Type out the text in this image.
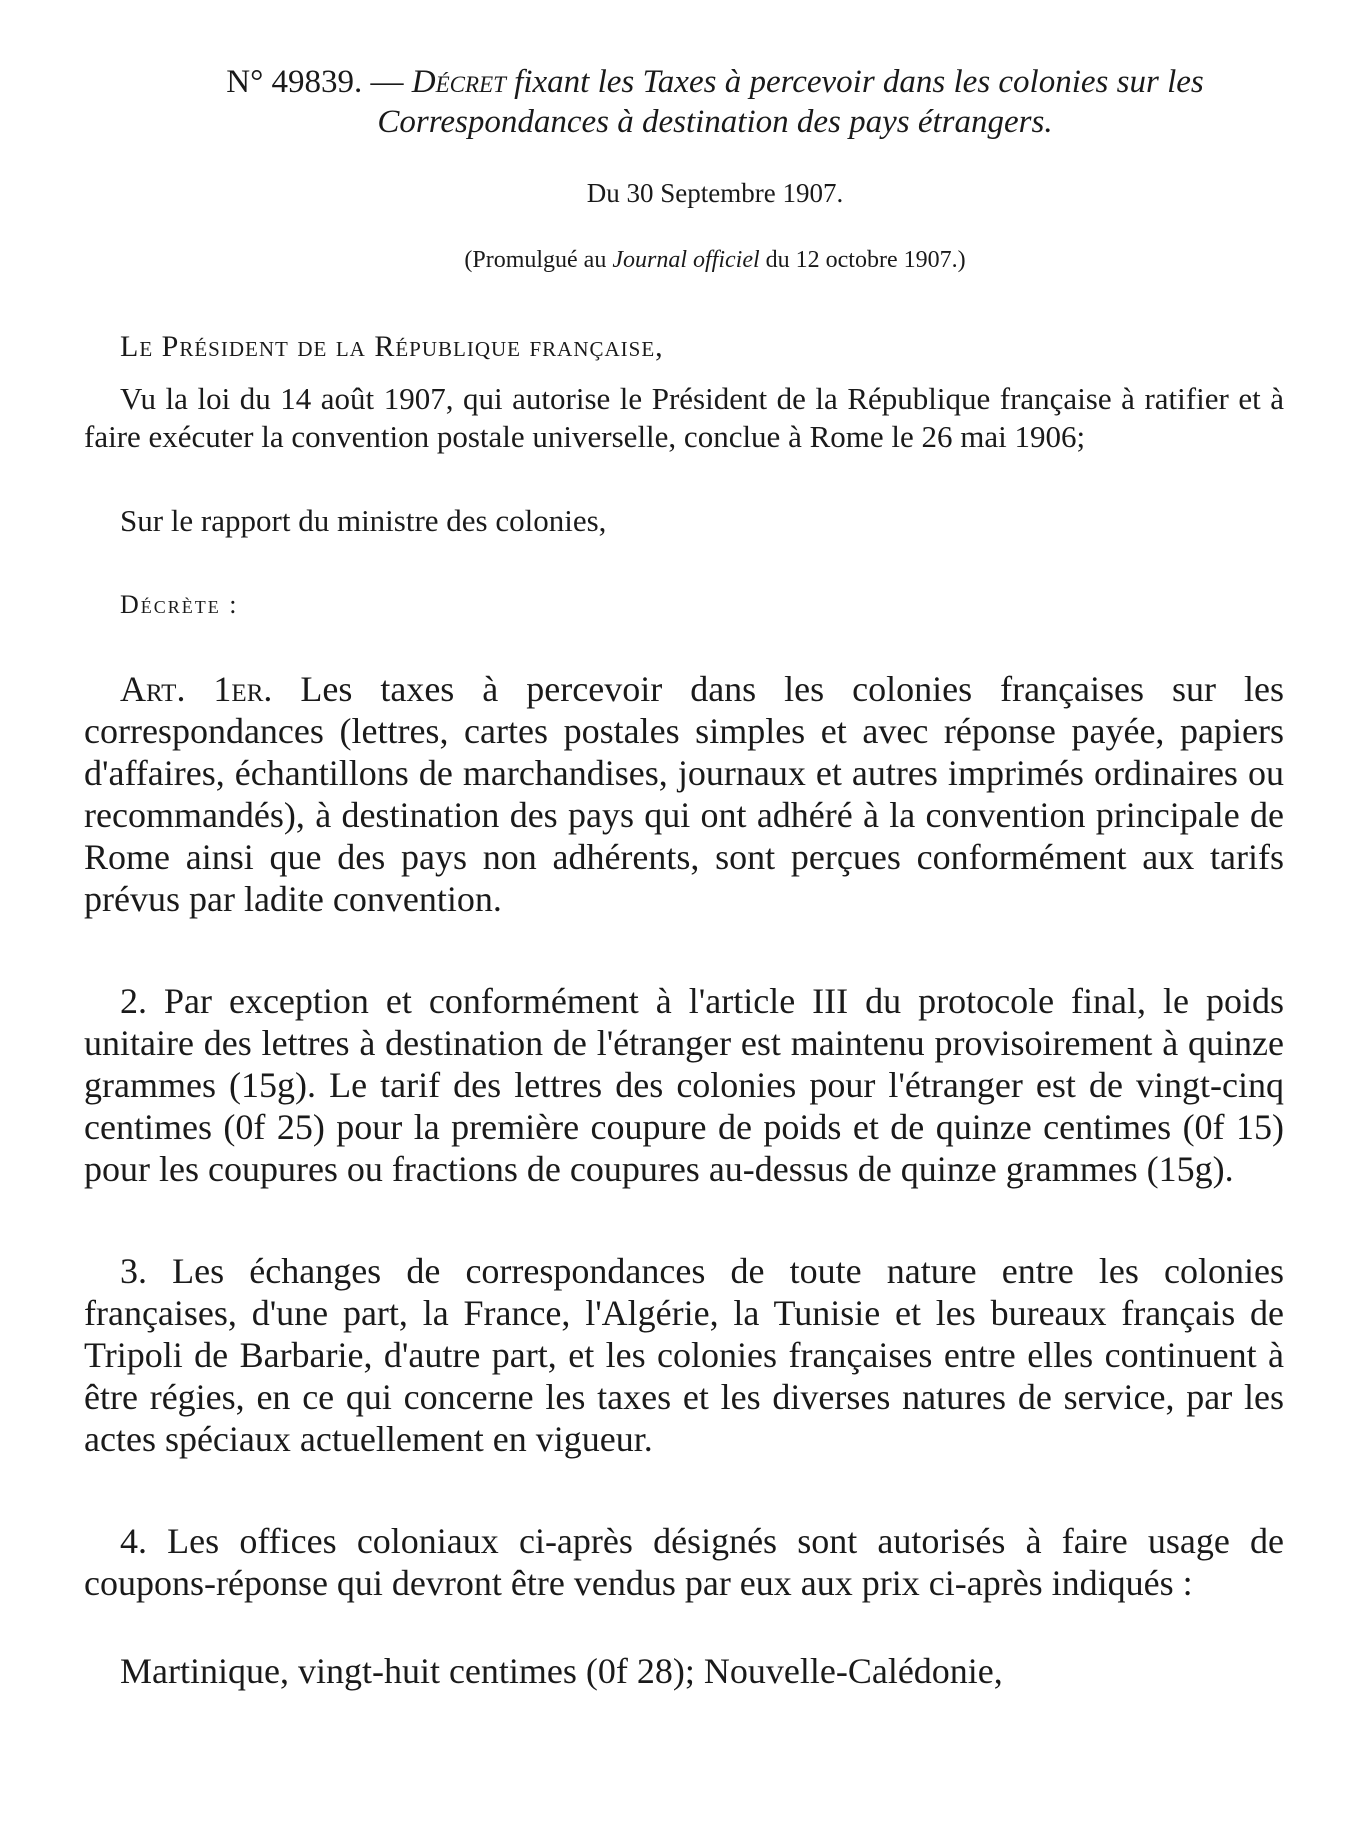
N° 49839. — Décret fixant les Taxes à percevoir dans les colonies sur les Correspondances à destination des pays étrangers.
Du 30 Septembre 1907.
(Promulgué au Journal officiel du 12 octobre 1907.)
Le Président de la République française,

Vu la loi du 14 août 1907, qui autorise le Président de la République française à ratifier et à faire exécuter la convention postale universelle, conclue à Rome le 26 mai 1906;

Sur le rapport du ministre des colonies,

Décrète :

Art. 1er. Les taxes à percevoir dans les colonies françaises sur les correspondances (lettres, cartes postales simples et avec réponse payée, papiers d'affaires, échantillons de marchandises, journaux et autres imprimés ordinaires ou recommandés), à destination des pays qui ont adhéré à la convention principale de Rome ainsi que des pays non adhérents, sont perçues conformément aux tarifs prévus par ladite convention.

2. Par exception et conformément à l'article III du protocole final, le poids unitaire des lettres à destination de l'étranger est maintenu provisoirement à quinze grammes (15g). Le tarif des lettres des colonies pour l'étranger est de vingt-cinq centimes (0f 25) pour la première coupure de poids et de quinze centimes (0f 15) pour les coupures ou fractions de coupures au-dessus de quinze grammes (15g).

3. Les échanges de correspondances de toute nature entre les colonies françaises, d'une part, la France, l'Algérie, la Tunisie et les bureaux français de Tripoli de Barbarie, d'autre part, et les colonies françaises entre elles continuent à être régies, en ce qui concerne les taxes et les diverses natures de service, par les actes spéciaux actuellement en vigueur.

4. Les offices coloniaux ci-après désignés sont autorisés à faire usage de coupons-réponse qui devront être vendus par eux aux prix ci-après indiqués :

Martinique, vingt-huit centimes (0f 28); Nouvelle-Calédonie,
